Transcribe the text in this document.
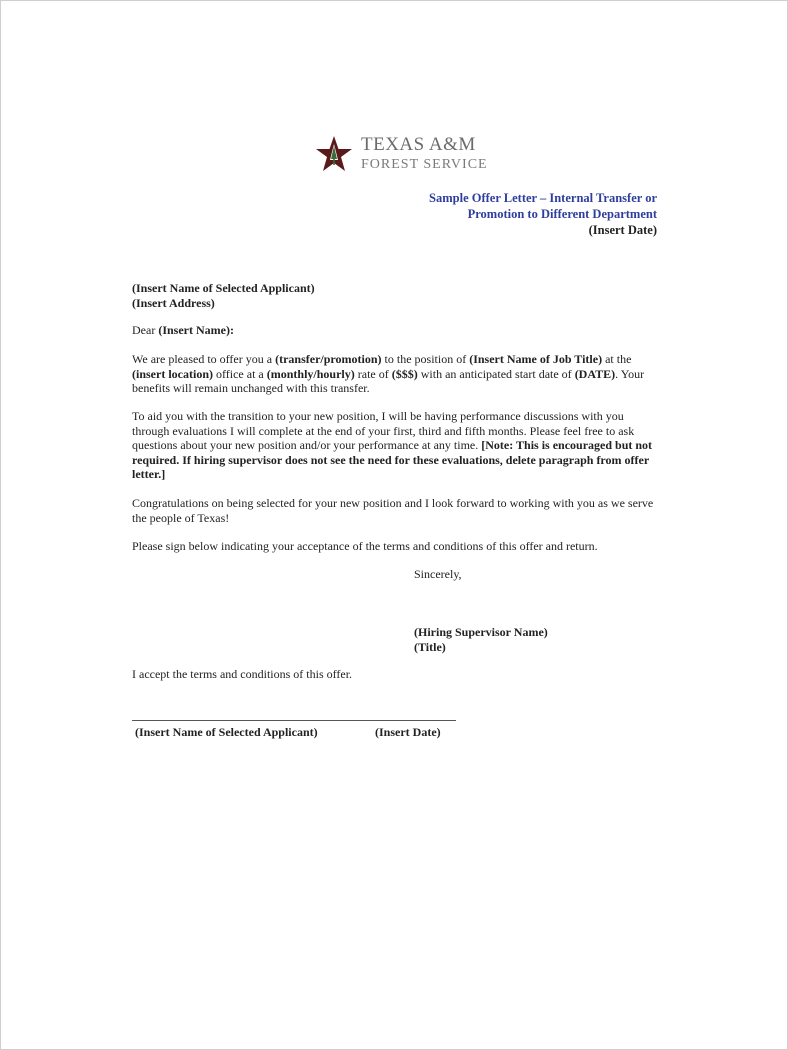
TEXAS A&M
FOREST SERVICE
Sample Offer Letter – Internal Transfer or
Promotion to Different Department
(Insert Date)
(Insert Name of Selected Applicant)
(Insert Address)
Dear (Insert Name):
We are pleased to offer you a (transfer/promotion) to the position of (Insert Name of Job Title) at the (insert location) office at a (monthly/hourly) rate of ($$$) with an anticipated start date of (DATE). Your benefits will remain unchanged with this transfer.
To aid you with the transition to your new position, I will be having performance discussions with you through evaluations I will complete at the end of your first, third and fifth months. Please feel free to ask questions about your new position and/or your performance at any time. [Note: This is encouraged but not required. If hiring supervisor does not see the need for these evaluations, delete paragraph from offer letter.]
Congratulations on being selected for your new position and I look forward to working with you as we serve the people of Texas!
Please sign below indicating your acceptance of the terms and conditions of this offer and return.
Sincerely,
(Hiring Supervisor Name)
(Title)
I accept the terms and conditions of this offer.
(Insert Name of Selected Applicant)	(Insert Date)
